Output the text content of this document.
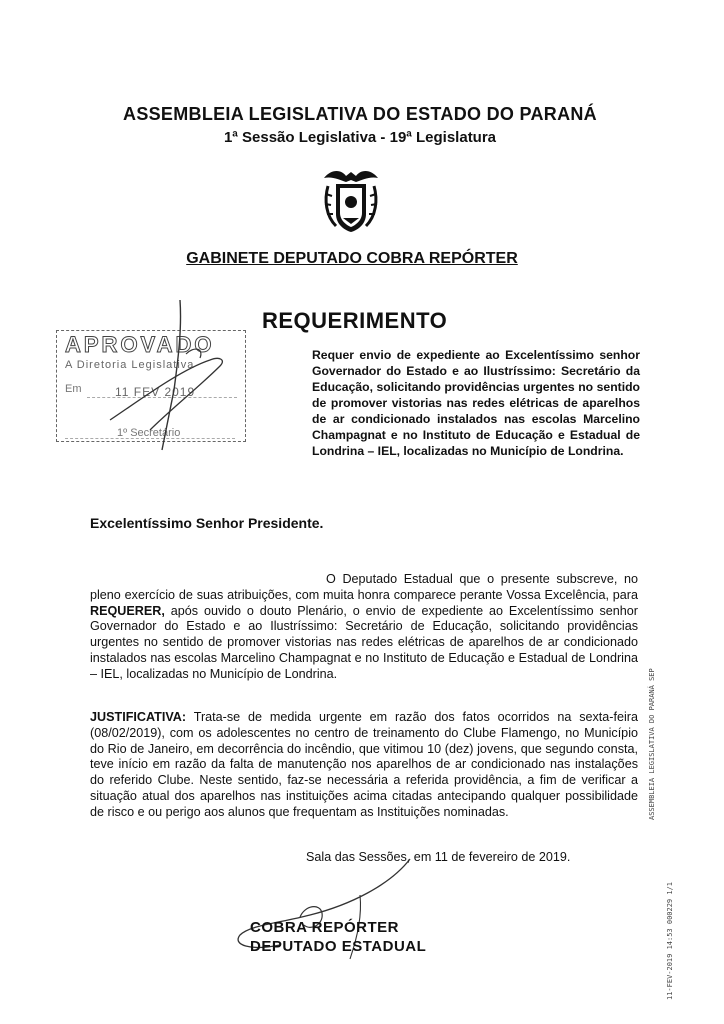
ASSEMBLEIA LEGISLATIVA DO ESTADO DO PARANÁ
1ª Sessão Legislativa - 19ª Legislatura
GABINETE DEPUTADO COBRA REPÓRTER
REQUERIMENTO
APROVADO
A Diretoria Legislativa
Em	11 FEV 2019
1º Secretário
Requer envio de expediente ao Excelentíssimo senhor Governador do Estado e ao Ilustríssimo: Secretário da Educação, solicitando providências urgentes no sentido de promover vistorias nas redes elétricas de aparelhos de ar condicionado instalados nas escolas Marcelino Champagnat e no Instituto de Educação e Estadual de Londrina – IEL, localizadas no Município de Londrina.
Excelentíssimo Senhor Presidente.
O Deputado Estadual que o presente subscreve, no pleno exercício de suas atribuições, com muita honra comparece perante Vossa Excelência, para REQUERER, após ouvido o douto Plenário, o envio de expediente ao Excelentíssimo senhor Governador do Estado e ao Ilustríssimo: Secretário de Educação, solicitando providências urgentes no sentido de promover vistorias nas redes elétricas de aparelhos de ar condicionado instalados nas escolas Marcelino Champagnat e no Instituto de Educação e Estadual de Londrina – IEL, localizadas no Município de Londrina.
JUSTIFICATIVA: Trata-se de medida urgente em razão dos fatos ocorridos na sexta-feira (08/02/2019), com os adolescentes no centro de treinamento do Clube Flamengo, no Município do Rio de Janeiro, em decorrência do incêndio, que vitimou 10 (dez) jovens, que segundo consta, teve início em razão da falta de manutenção nos aparelhos de ar condicionado nas instalações do referido Clube. Neste sentido, faz-se necessária a referida providência, a fim de verificar a situação atual dos aparelhos nas instituições acima citadas antecipando qualquer possibilidade de risco e ou perigo aos alunos que frequentam as Instituições nominadas.
Sala das Sessões, em 11 de fevereiro de 2019.
COBRA REPÓRTER
DEPUTADO ESTADUAL
ASSEMBLEIA LEGISLATIVA DO PARANÁ SEP
11-FEV-2019 14:53 000229 1/1
